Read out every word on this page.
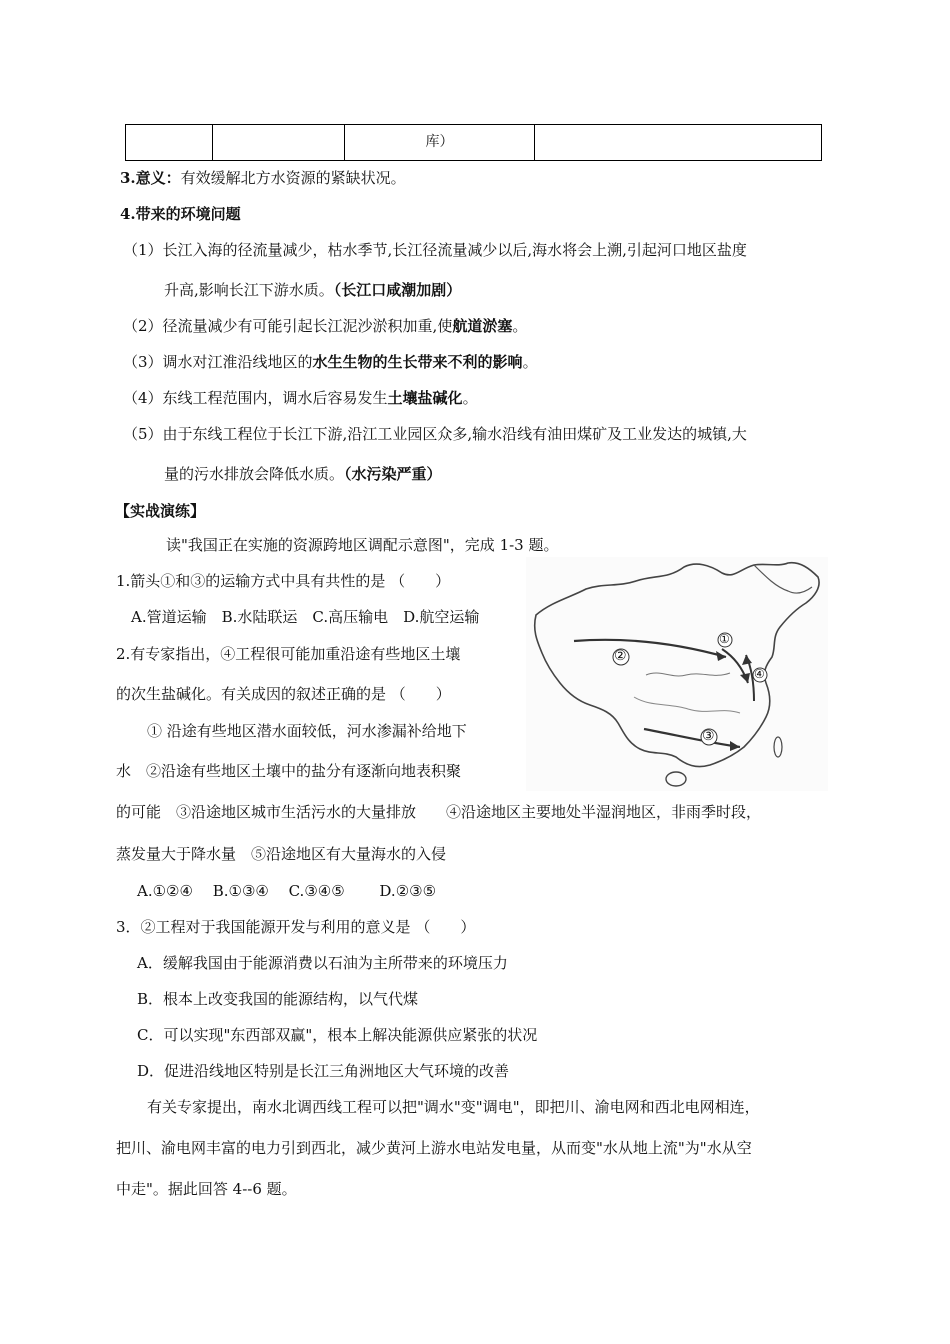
		库）	
3.意义：有效缓解北方水资源的紧缺状况。
4.带来的环境问题
（1）长江入海的径流量减少，枯水季节,长江径流量减少以后,海水将会上溯,引起河口地区盐度
升高,影响长江下游水质。（长江口咸潮加剧）
（2）径流量减少有可能引起长江泥沙淤积加重,使航道淤塞。
（3）调水对江淮沿线地区的水生生物的生长带来不利的影响。
（4）东线工程范围内，调水后容易发生土壤盐碱化。
（5）由于东线工程位于长江下游,沿江工业园区众多,输水沿线有油田煤矿及工业发达的城镇,大
量的污水排放会降低水质。（水污染严重）
【实战演练】
读"我国正在实施的资源跨地区调配示意图"，完成 1-3 题。
1.箭头①和③的运输方式中具有共性的是 （　　）
A.管道运输　B.水陆联运　C.高压输电　D.航空运输
2.有专家指出，④工程很可能加重沿途有些地区土壤
的次生盐碱化。有关成因的叙述正确的是 （　　）
① 沿途有些地区潜水面较低，河水渗漏补给地下
水　②沿途有些地区土壤中的盐分有逐渐向地表积聚
的可能　③沿途地区城市生活污水的大量排放　　④沿途地区主要地处半湿润地区，非雨季时段，
蒸发量大于降水量　⑤沿途地区有大量海水的入侵
A.①②④　 B.①③④　 C.③④⑤　　 D.②③⑤
3．②工程对于我国能源开发与利用的意义是 （　　）
A．缓解我国由于能源消费以石油为主所带来的环境压力
B．根本上改变我国的能源结构，以气代煤
C．可以实现"东西部双赢"，根本上解决能源供应紧张的状况
D．促进沿线地区特别是长江三角洲地区大气环境的改善
有关专家提出，南水北调西线工程可以把"调水"变"调电"，即把川、渝电网和西北电网相连，
把川、渝电网丰富的电力引到西北，减少黄河上游水电站发电量，从而变"水从地上流"为"水从空
中走"。据此回答 4--6 题。
①
②
③
④
